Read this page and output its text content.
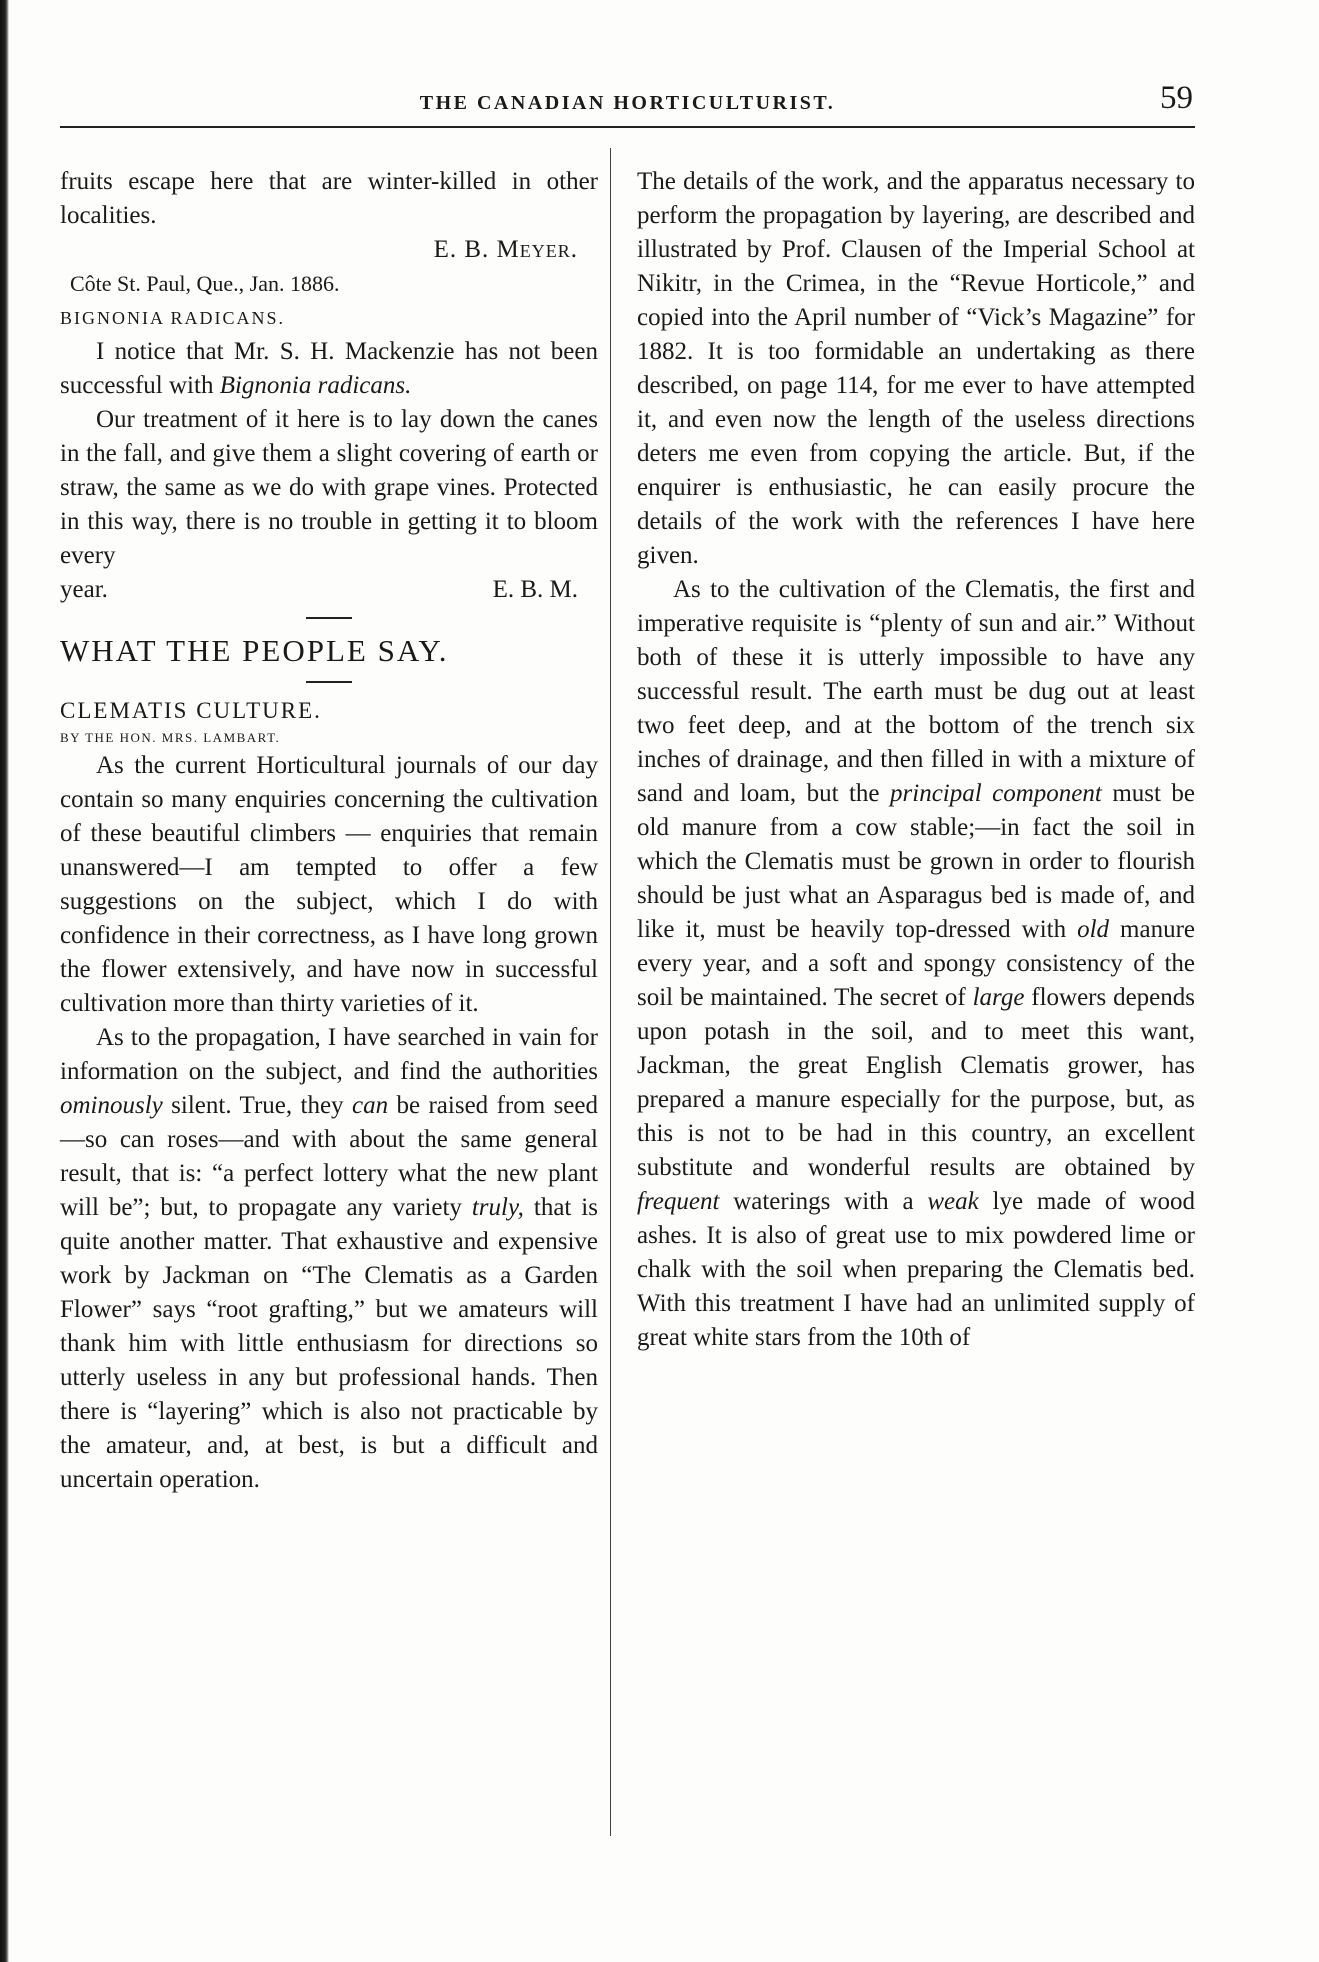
THE CANADIAN HORTICULTURIST.	59

fruits escape here that are winter-killed in other localities.

E. B. Meyer.

Côte St. Paul, Que., Jan. 1886.

BIGNONIA RADICANS.

I notice that Mr. S. H. Mackenzie has not been successful with Bignonia radicans.

Our treatment of it here is to lay down the canes in the fall, and give them a slight covering of earth or straw, the same as we do with grape vines. Protected in this way, there is no trouble in getting it to bloom every

year.	E. B. M.

WHAT THE PEOPLE SAY.

CLEMATIS CULTURE.

BY THE HON. MRS. LAMBART.

As the current Horticultural journals of our day contain so many enquiries concerning the cultivation of these beautiful climbers — enquiries that remain unanswered—I am tempted to offer a few suggestions on the subject, which I do with confidence in their correctness, as I have long grown the flower extensively, and have now in successful cultivation more than thirty varieties of it.

As to the propagation, I have searched in vain for information on the subject, and find the authorities ominously silent. True, they can be raised from seed—so can roses—and with about the same general result, that is: “a perfect lottery what the new plant will be”; but, to propagate any variety truly, that is quite another matter. That exhaustive and expensive work by Jackman on “The Clematis as a Garden Flower” says “root grafting,” but we amateurs will thank him with little enthusiasm for directions so utterly useless in any but professional hands. Then there is “layering” which is also not practicable by the amateur, and, at best, is but a difficult and uncertain operation.

The details of the work, and the apparatus necessary to perform the propagation by layering, are described and illustrated by Prof. Clausen of the Imperial School at Nikitr, in the Crimea, in the “Revue Horticole,” and copied into the April number of “Vick’s Magazine” for 1882. It is too formidable an undertaking as there described, on page 114, for me ever to have attempted it, and even now the length of the useless directions deters me even from copying the article. But, if the enquirer is enthusiastic, he can easily procure the details of the work with the references I have here given.

As to the cultivation of the Clematis, the first and imperative requisite is “plenty of sun and air.” Without both of these it is utterly impossible to have any successful result. The earth must be dug out at least two feet deep, and at the bottom of the trench six inches of drainage, and then filled in with a mixture of sand and loam, but the principal component must be old manure from a cow stable;—in fact the soil in which the Clematis must be grown in order to flourish should be just what an Asparagus bed is made of, and like it, must be heavily top-dressed with old manure every year, and a soft and spongy consistency of the soil be maintained. The secret of large flowers depends upon potash in the soil, and to meet this want, Jackman, the great English Clematis grower, has prepared a manure especially for the purpose, but, as this is not to be had in this country, an excellent substitute and wonderful results are obtained by frequent waterings with a weak lye made of wood ashes. It is also of great use to mix powdered lime or chalk with the soil when preparing the Clematis bed. With this treatment I have had an unlimited supply of great white stars from the 10th of
